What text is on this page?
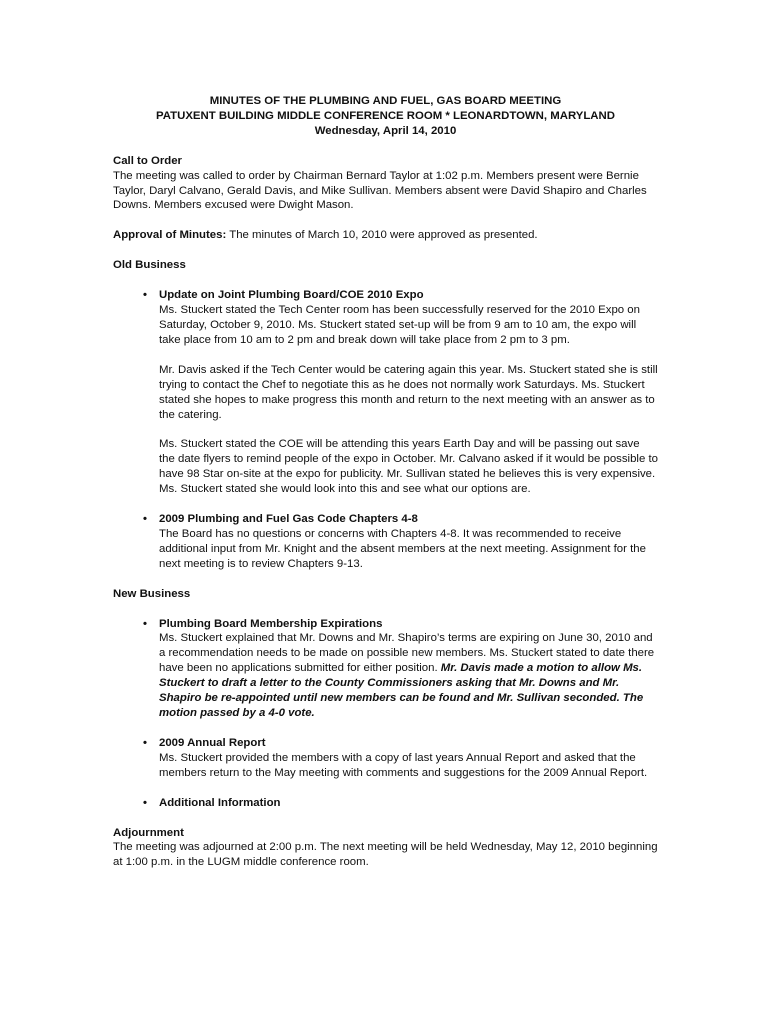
MINUTES OF THE PLUMBING AND FUEL, GAS BOARD MEETING
PATUXENT BUILDING MIDDLE CONFERENCE ROOM * LEONARDTOWN, MARYLAND
Wednesday, April 14, 2010
Call to Order
The meeting was called to order by Chairman Bernard Taylor at 1:02 p.m. Members present were Bernie Taylor, Daryl Calvano, Gerald Davis, and Mike Sullivan. Members absent were David Shapiro and Charles Downs. Members excused were Dwight Mason.
Approval of Minutes: The minutes of March 10, 2010 were approved as presented.
Old Business
• Update on Joint Plumbing Board/COE 2010 Expo
Ms. Stuckert stated the Tech Center room has been successfully reserved for the 2010 Expo on Saturday, October 9, 2010. Ms. Stuckert stated set-up will be from 9 am to 10 am, the expo will take place from 10 am to 2 pm and break down will take place from 2 pm to 3 pm.
Mr. Davis asked if the Tech Center would be catering again this year. Ms. Stuckert stated she is still trying to contact the Chef to negotiate this as he does not normally work Saturdays. Ms. Stuckert stated she hopes to make progress this month and return to the next meeting with an answer as to the catering.
Ms. Stuckert stated the COE will be attending this years Earth Day and will be passing out save the date flyers to remind people of the expo in October. Mr. Calvano asked if it would be possible to have 98 Star on-site at the expo for publicity. Mr. Sullivan stated he believes this is very expensive. Ms. Stuckert stated she would look into this and see what our options are.
• 2009 Plumbing and Fuel Gas Code Chapters 4-8
The Board has no questions or concerns with Chapters 4-8. It was recommended to receive additional input from Mr. Knight and the absent members at the next meeting. Assignment for the next meeting is to review Chapters 9-13.
New Business
• Plumbing Board Membership Expirations
Ms. Stuckert explained that Mr. Downs and Mr. Shapiro’s terms are expiring on June 30, 2010 and a recommendation needs to be made on possible new members. Ms. Stuckert stated to date there have been no applications submitted for either position. Mr. Davis made a motion to allow Ms. Stuckert to draft a letter to the County Commissioners asking that Mr. Downs and Mr. Shapiro be re-appointed until new members can be found and Mr. Sullivan seconded. The motion passed by a 4-0 vote.
• 2009 Annual Report
Ms. Stuckert provided the members with a copy of last years Annual Report and asked that the members return to the May meeting with comments and suggestions for the 2009 Annual Report.
• Additional Information
Adjournment
The meeting was adjourned at 2:00 p.m. The next meeting will be held Wednesday, May 12, 2010 beginning at 1:00 p.m. in the LUGM middle conference room.
